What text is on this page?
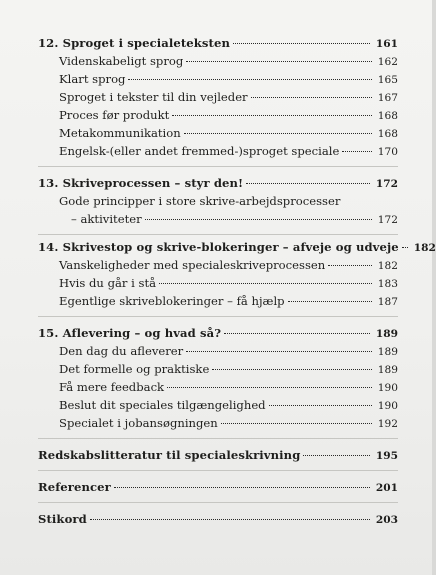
12. Sproget i specialeteksten	161
Videnskabeligt sprog	162
Klart sprog	165
Sproget i tekster til din vejleder	167
Proces før produkt	168
Metakommunikation	168
Engelsk-(eller andet fremmed-)sproget speciale	170
13. Skriveprocessen – styr den!	172
Gode principper i store skrive-arbejdsprocesser
– aktiviteter	172
14. Skrivestop og skrive-blokeringer – afveje og udveje 182
Vanskeligheder med specialeskriveprocessen	182
Hvis du går i stå	183
Egentlige skriveblokeringer – få hjælp	187
15. Aflevering – og hvad så?	189
Den dag du afleverer	189
Det formelle og praktiske	189
Få mere feedback	190
Beslut dit speciales tilgængelighed	190
Specialet i jobansøgningen	192
Redskabslitteratur til specialeskrivning	195
Referencer	201
Stikord	203
